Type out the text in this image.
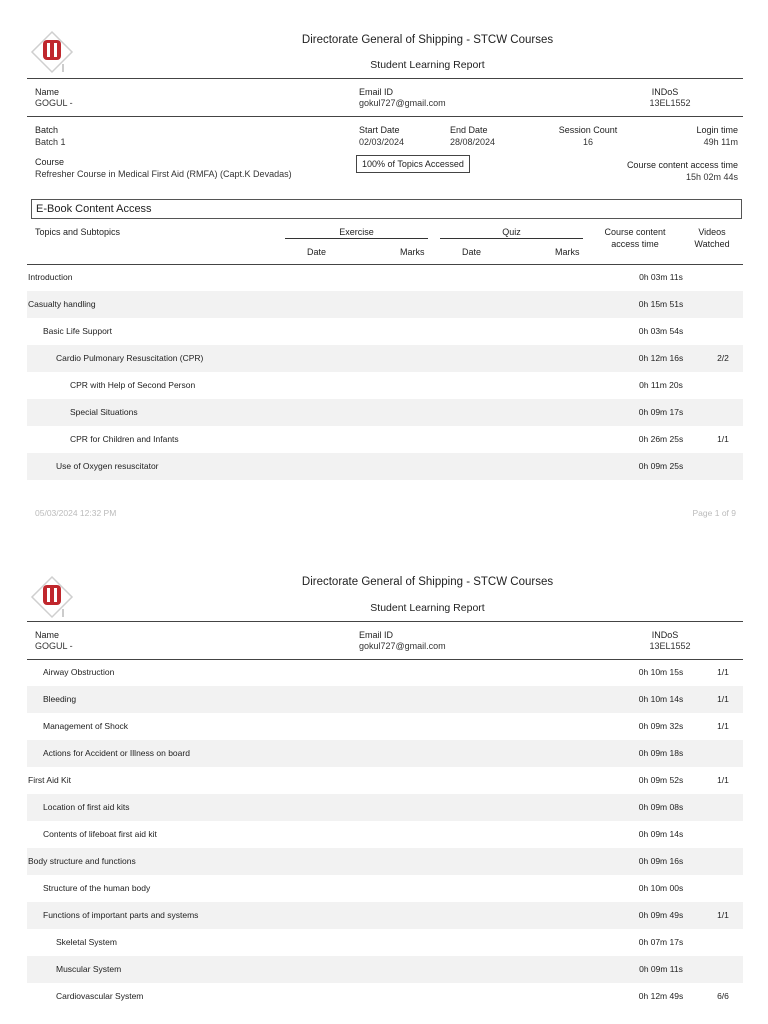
Directorate General of Shipping - STCW Courses
Student Learning Report
Name
GOGUL -
Email ID
gokul727@gmail.com
INDoS
13EL1552
Batch
Batch 1
Start Date
02/03/2024
End Date
28/08/2024
Session Count
16
Login time
49h 11m
Course
Refresher Course in Medical First Aid (RMFA) (Capt.K Devadas)
100% of Topics Accessed	Course content access time
15h 02m 44s
E-Book Content Access
Topics and Subtopics	Exercise	Quiz
Date	Marks	Date	Marks
Course content
access time
Videos
Watched
Introduction	0h 03m 11s
Casualty handling	0h 15m 51s
Basic Life Support	0h 03m 54s
Cardio Pulmonary Resuscitation (CPR)	0h 12m 16s	2/2
CPR with Help of Second Person	0h 11m 20s
Special Situations	0h 09m 17s
CPR for Children and Infants	0h 26m 25s	1/1
Use of Oxygen resuscitator	0h 09m 25s
05/03/2024 12:32 PM	Page 1 of 9
Directorate General of Shipping - STCW Courses
Student Learning Report
Name
GOGUL -
Email ID
gokul727@gmail.com
INDoS
13EL1552
Airway Obstruction	0h 10m 15s	1/1
Bleeding	0h 10m 14s	1/1
Management of Shock	0h 09m 32s	1/1
Actions for Accident or Illness on board	0h 09m 18s
First Aid Kit	0h 09m 52s	1/1
Location of first aid kits	0h 09m 08s
Contents of lifeboat first aid kit	0h 09m 14s
Body structure and functions	0h 09m 16s
Structure of the human body	0h 10m 00s
Functions of important parts and systems	0h 09m 49s	1/1
Skeletal System	0h 07m 17s
Muscular System	0h 09m 11s
Cardiovascular System	0h 12m 49s	6/6
